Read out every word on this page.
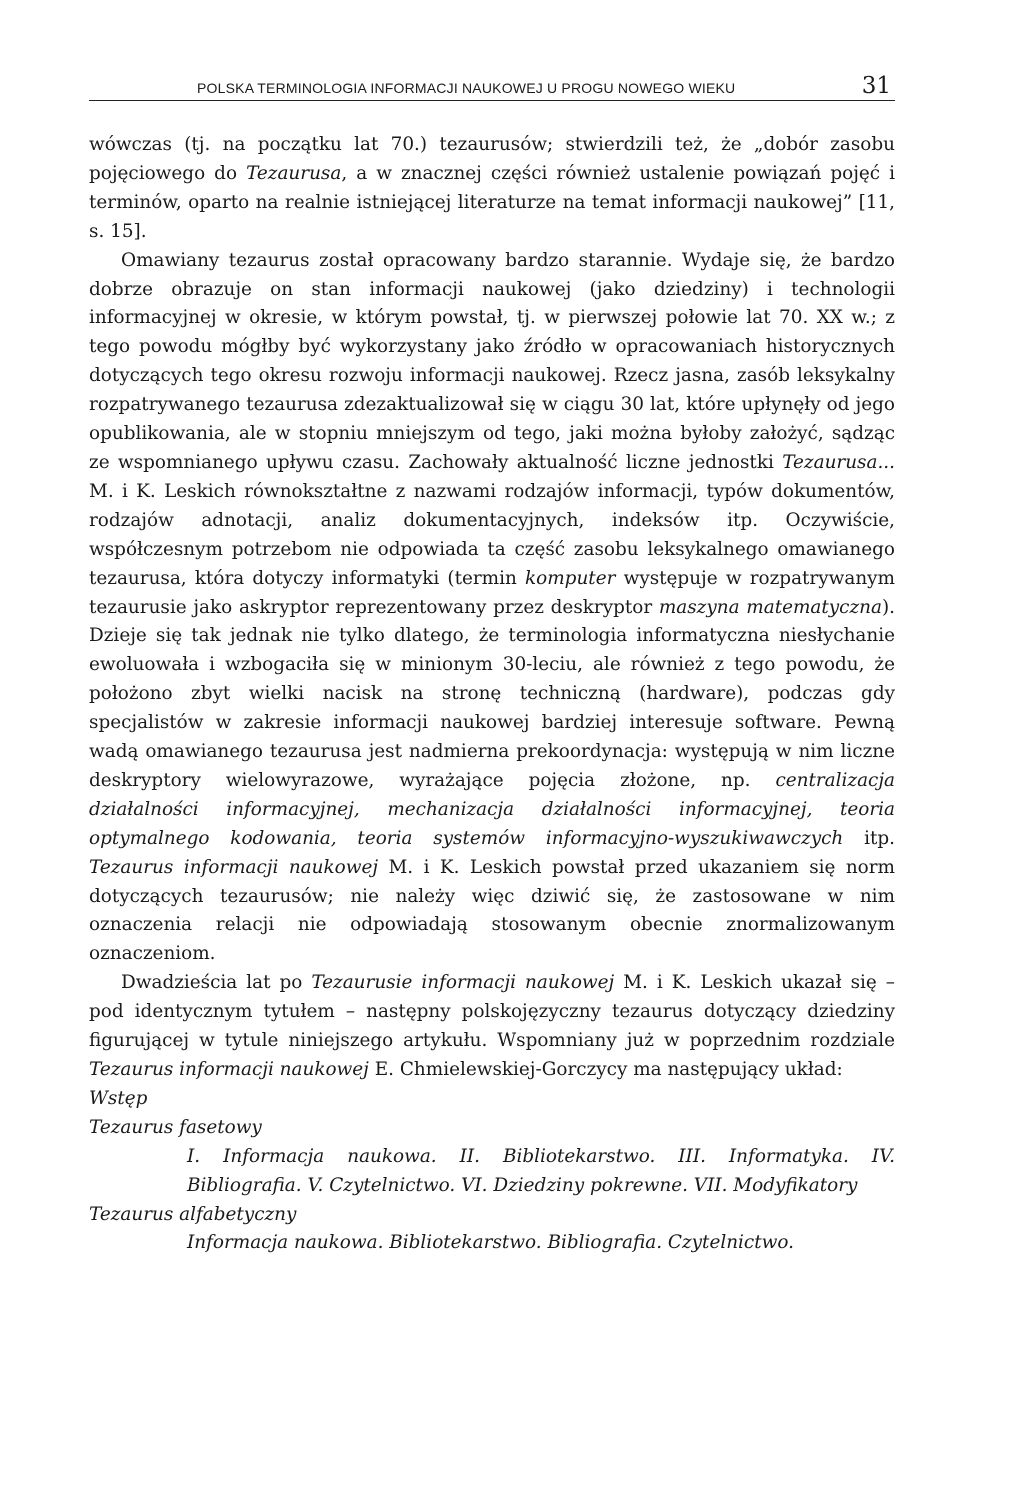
POLSKA TERMINOLOGIA INFORMACJI NAUKOWEJ U PROGU NOWEGO WIEKU	31

wówczas (tj. na początku lat 70.) tezaurusów; stwierdzili też, że „dobór zasobu pojęciowego do Tezaurusa, a w znacznej części również ustalenie powiązań pojęć i terminów, oparto na realnie istniejącej literaturze na temat informacji naukowej” [11, s. 15].

Omawiany tezaurus został opracowany bardzo starannie. Wydaje się, że bardzo dobrze obrazuje on stan informacji naukowej (jako dziedziny) i technologii informacyjnej w okresie, w którym powstał, tj. w pierwszej połowie lat 70. XX w.; z tego powodu mógłby być wykorzystany jako źródło w opracowaniach historycznych dotyczących tego okresu rozwoju informacji naukowej. Rzecz jasna, zasób leksykalny rozpatrywanego tezaurusa zdezaktualizował się w ciągu 30 lat, które upłynęły od jego opublikowania, ale w stopniu mniejszym od tego, jaki można byłoby założyć, sądząc ze wspomnianego upływu czasu. Zachowały aktualność liczne jednostki Tezaurusa... M. i K. Leskich równokształtne z nazwami rodzajów informacji, typów dokumentów, rodzajów adnotacji, analiz dokumentacyjnych, indeksów itp. Oczywiście, współczesnym potrzebom nie odpowiada ta część zasobu leksykalnego omawianego tezaurusa, która dotyczy informatyki (termin komputer występuje w rozpatrywanym tezaurusie jako askryptor reprezentowany przez deskryptor maszyna matematyczna). Dzieje się tak jednak nie tylko dlatego, że terminologia informatyczna niesłychanie ewoluowała i wzbogaciła się w minionym 30-leciu, ale również z tego powodu, że położono zbyt wielki nacisk na stronę techniczną (hardware), podczas gdy specjalistów w zakresie informacji naukowej bardziej interesuje software. Pewną wadą omawianego tezaurusa jest nadmierna prekoordynacja: występują w nim liczne deskryptory wielowyrazowe, wyrażające pojęcia złożone, np. centralizacja działalności informacyjnej, mechanizacja działalności informacyjnej, teoria optymalnego kodowania, teoria systemów informacyjno-wyszukiwawczych itp. Tezaurus informacji naukowej M. i K. Leskich powstał przed ukazaniem się norm dotyczących tezaurusów; nie należy więc dziwić się, że zastosowane w nim oznaczenia relacji nie odpowiadają stosowanym obecnie znormalizowanym oznaczeniom.

Dwadzieścia lat po Tezaurusie informacji naukowej M. i K. Leskich ukazał się – pod identycznym tytułem – następny polskojęzyczny tezaurus dotyczący dziedziny figurującej w tytule niniejszego artykułu. Wspomniany już w poprzednim rozdziale Tezaurus informacji naukowej E. Chmielewskiej-Gorczycy ma następujący układ:

Wstęp

Tezaurus fasetowy

I. Informacja naukowa. II. Bibliotekarstwo. III. Informatyka. IV. Bibliografia. V. Czytelnictwo. VI. Dziedziny pokrewne. VII. Modyfikatory

Tezaurus alfabetyczny

Informacja naukowa. Bibliotekarstwo. Bibliografia. Czytelnictwo.
